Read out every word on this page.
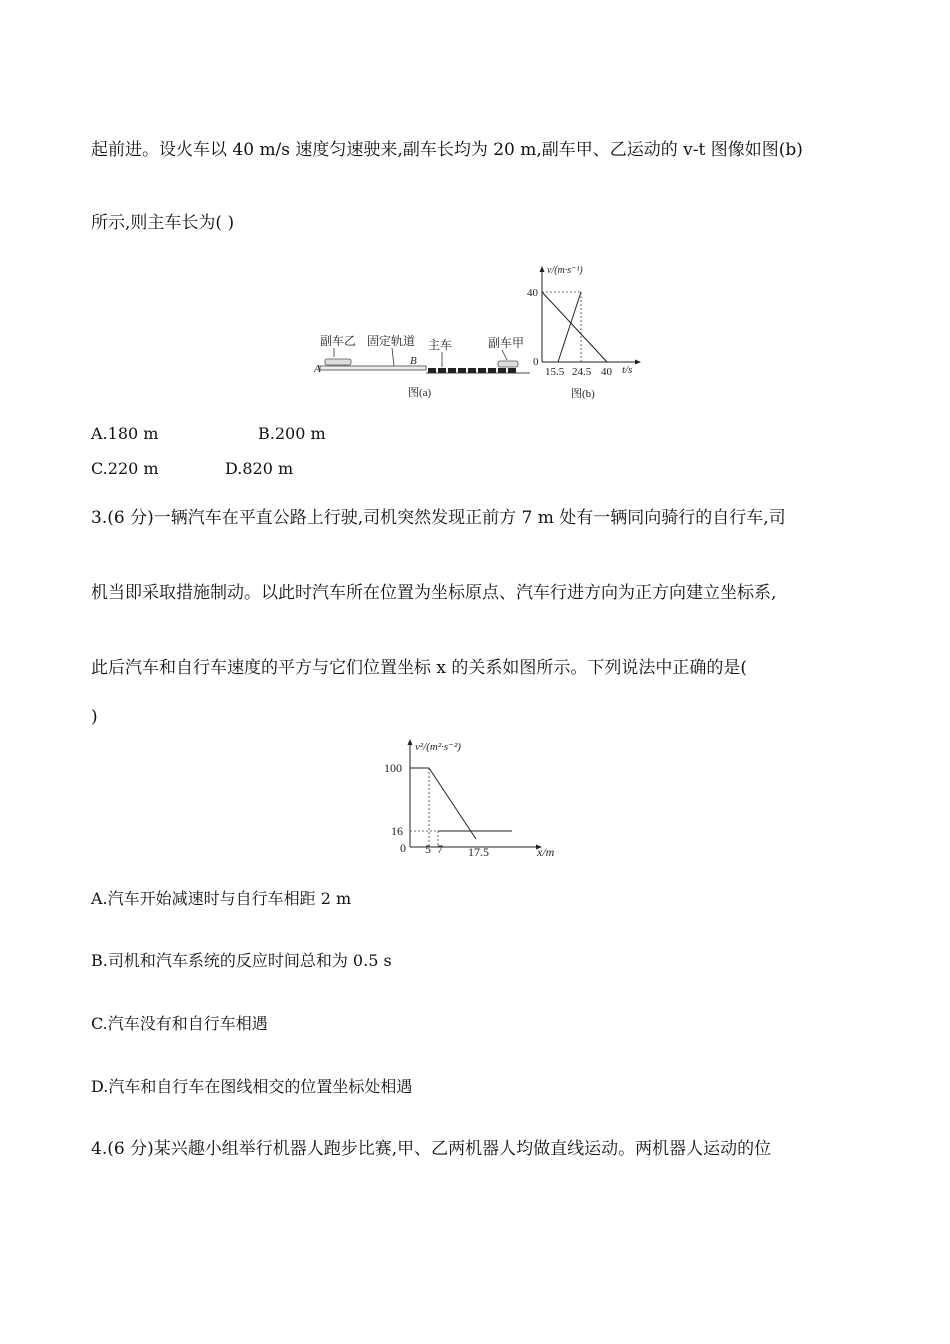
起前进。设火车以 40 m/s 速度匀速驶来,副车长均为 20 m,副车甲、乙运动的 v-t 图像如图(b)
所示,则主车长为( )
副车乙 固定轨道 主车	副车甲
A
B
图(a)
v/(m·s⁻¹)
40
0
15.5 24.5 40 t/s
图(b)
A.180 m	B.200 m
C.220 m	D.820 m
3.(6 分)一辆汽车在平直公路上行驶,司机突然发现正前方 7 m 处有一辆同向骑行的自行车,司
机当即采取措施制动。以此时汽车所在位置为坐标原点、汽车行进方向为正方向建立坐标系,
此后汽车和自行车速度的平方与它们位置坐标 x 的关系如图所示。下列说法中正确的是(
)
v²/(m²·s⁻²)
100
16
0 5 7 17.5	x/m
A.汽车开始减速时与自行车相距 2 m
B.司机和汽车系统的反应时间总和为 0.5 s
C.汽车没有和自行车相遇
D.汽车和自行车在图线相交的位置坐标处相遇
4.(6 分)某兴趣小组举行机器人跑步比赛,甲、乙两机器人均做直线运动。两机器人运动的位
